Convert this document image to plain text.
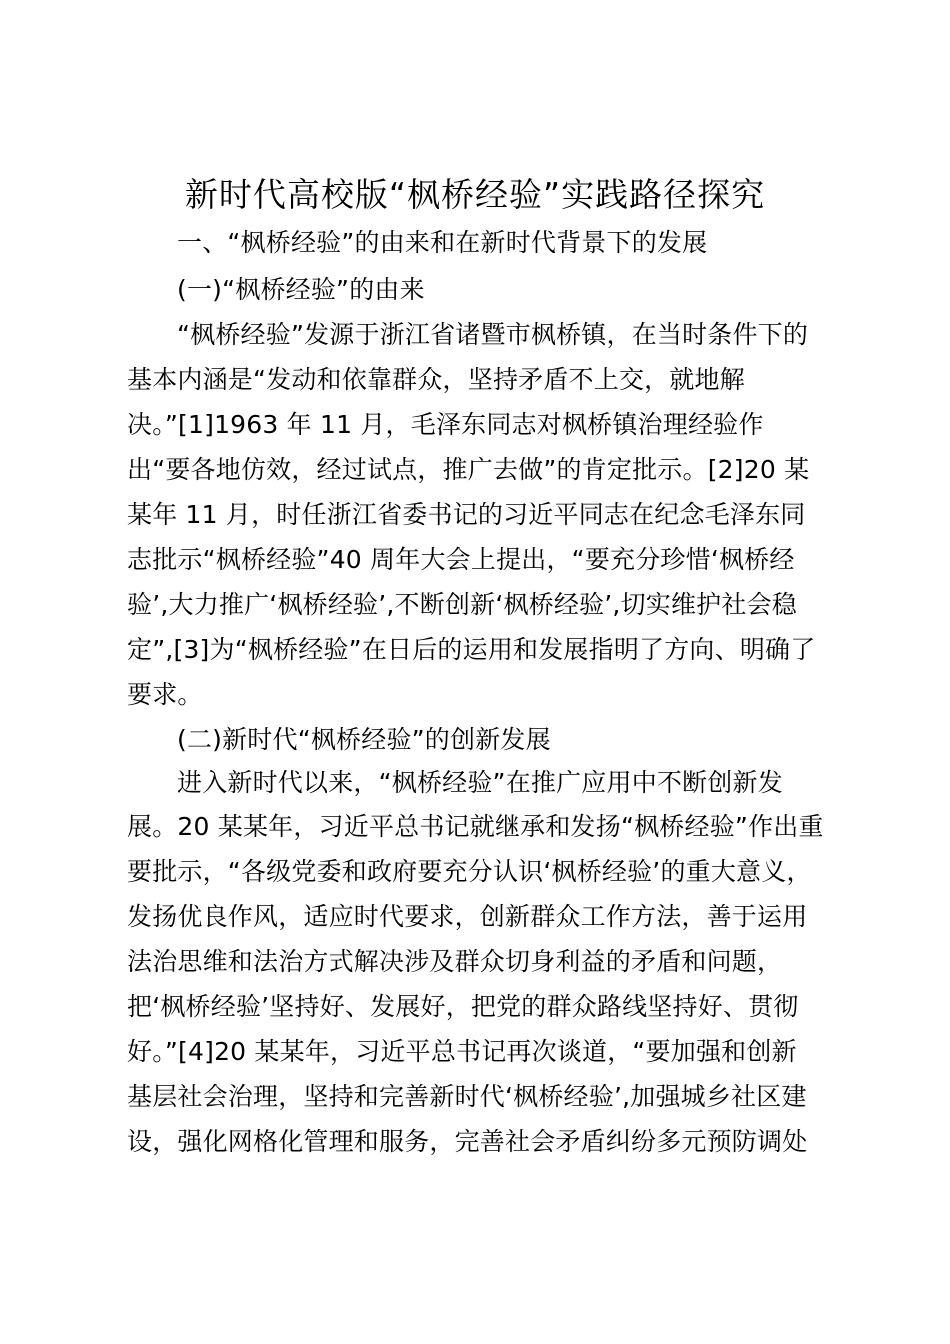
新时代高校版“枫桥经验”实践路径探究
一、“枫桥经验”的由来和在新时代背景下的发展
(一)“枫桥经验”的由来
“枫桥经验”发源于浙江省诸暨市枫桥镇，在当时条件下的
基本内涵是“发动和依靠群众，坚持矛盾不上交，就地解
决。”[1]1963 年 11 月，毛泽东同志对枫桥镇治理经验作
出“要各地仿效，经过试点，推广去做”的肯定批示。[2]20 某
某年 11 月，时任浙江省委书记的习近平同志在纪念毛泽东同
志批示“枫桥经验”40 周年大会上提出，“要充分珍惜‘枫桥经
验’,大力推广‘枫桥经验’,不断创新‘枫桥经验’,切实维护社会稳
定”,[3]为“枫桥经验”在日后的运用和发展指明了方向、明确了
要求。
(二)新时代“枫桥经验”的创新发展
进入新时代以来，“枫桥经验”在推广应用中不断创新发
展。20 某某年，习近平总书记就继承和发扬“枫桥经验”作出重
要批示，“各级党委和政府要充分认识‘枫桥经验’的重大意义，
发扬优良作风，适应时代要求，创新群众工作方法，善于运用
法治思维和法治方式解决涉及群众切身利益的矛盾和问题，
把‘枫桥经验’坚持好、发展好，把党的群众路线坚持好、贯彻
好。”[4]20 某某年，习近平总书记再次谈道，“要加强和创新
基层社会治理，坚持和完善新时代‘枫桥经验’,加强城乡社区建
设，强化网格化管理和服务，完善社会矛盾纠纷多元预防调处
